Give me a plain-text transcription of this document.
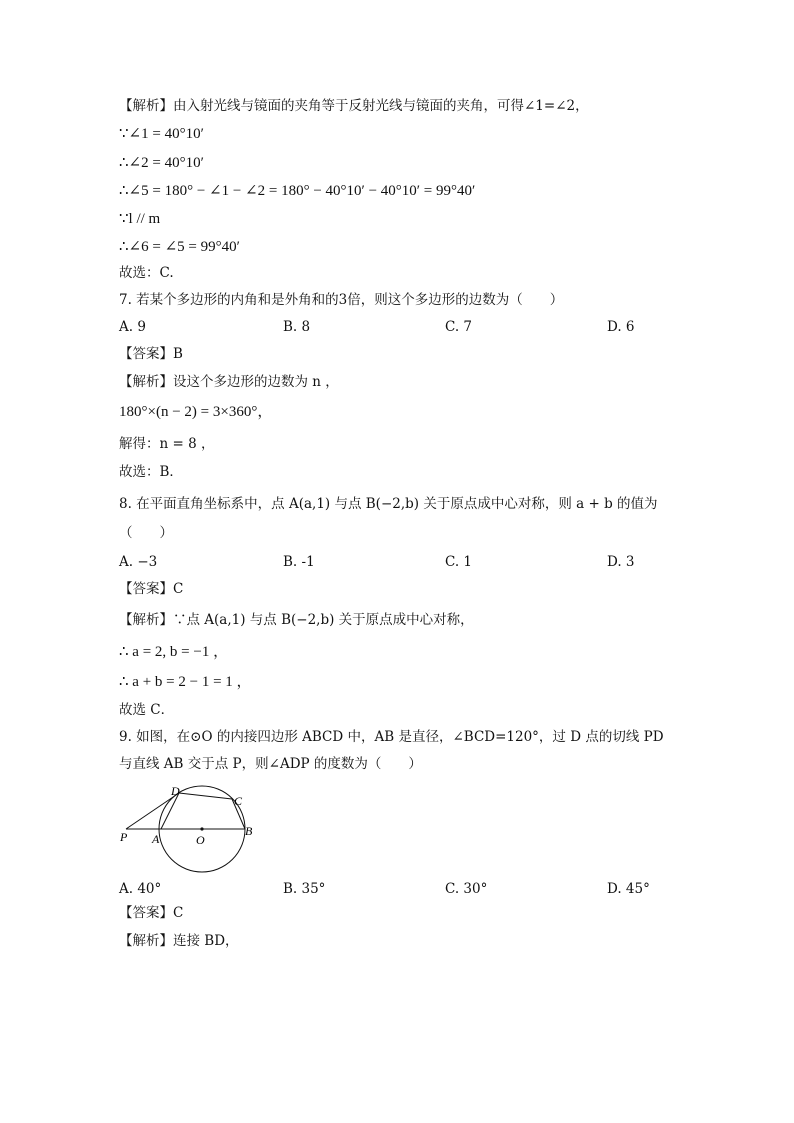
【解析】由入射光线与镜面的夹角等于反射光线与镜面的夹角，可得∠1=∠2，
∵∠1 = 40°10′
∴∠2 = 40°10′
∴∠5 = 180° − ∠1 − ∠2 = 180° − 40°10′ − 40°10′ = 99°40′
∵l // m
∴∠6 = ∠5 = 99°40′
故选：C.
7. 若某个多边形的内角和是外角和的3倍，则这个多边形的边数为（　　）
A. 9	B. 8	C. 7	D. 6
【答案】B
【解析】设这个多边形的边数为 n ，
180°×(n − 2) = 3×360°，
解得：n = 8 ，
故选：B．
8. 在平面直角坐标系中，点 A(a,1) 与点 B(−2,b) 关于原点成中心对称，则 a + b 的值为
（　　）
A. −3	B. -1	C. 1	D. 3
【答案】C
【解析】∵点 A(a,1) 与点 B(−2,b) 关于原点成中心对称，
∴ a = 2, b = −1 ，
∴ a + b = 2 − 1 = 1 ，
故选 C．
9. 如图，在⊙O 的内接四边形 ABCD 中，AB 是直径，∠BCD=120°，过 D 点的切线 PD
与直线 AB 交于点 P，则∠ADP 的度数为（　　）
P A	O
B
C
D
A. 40°	B. 35°	C. 30°	D. 45°
【答案】C
【解析】连接 BD，
